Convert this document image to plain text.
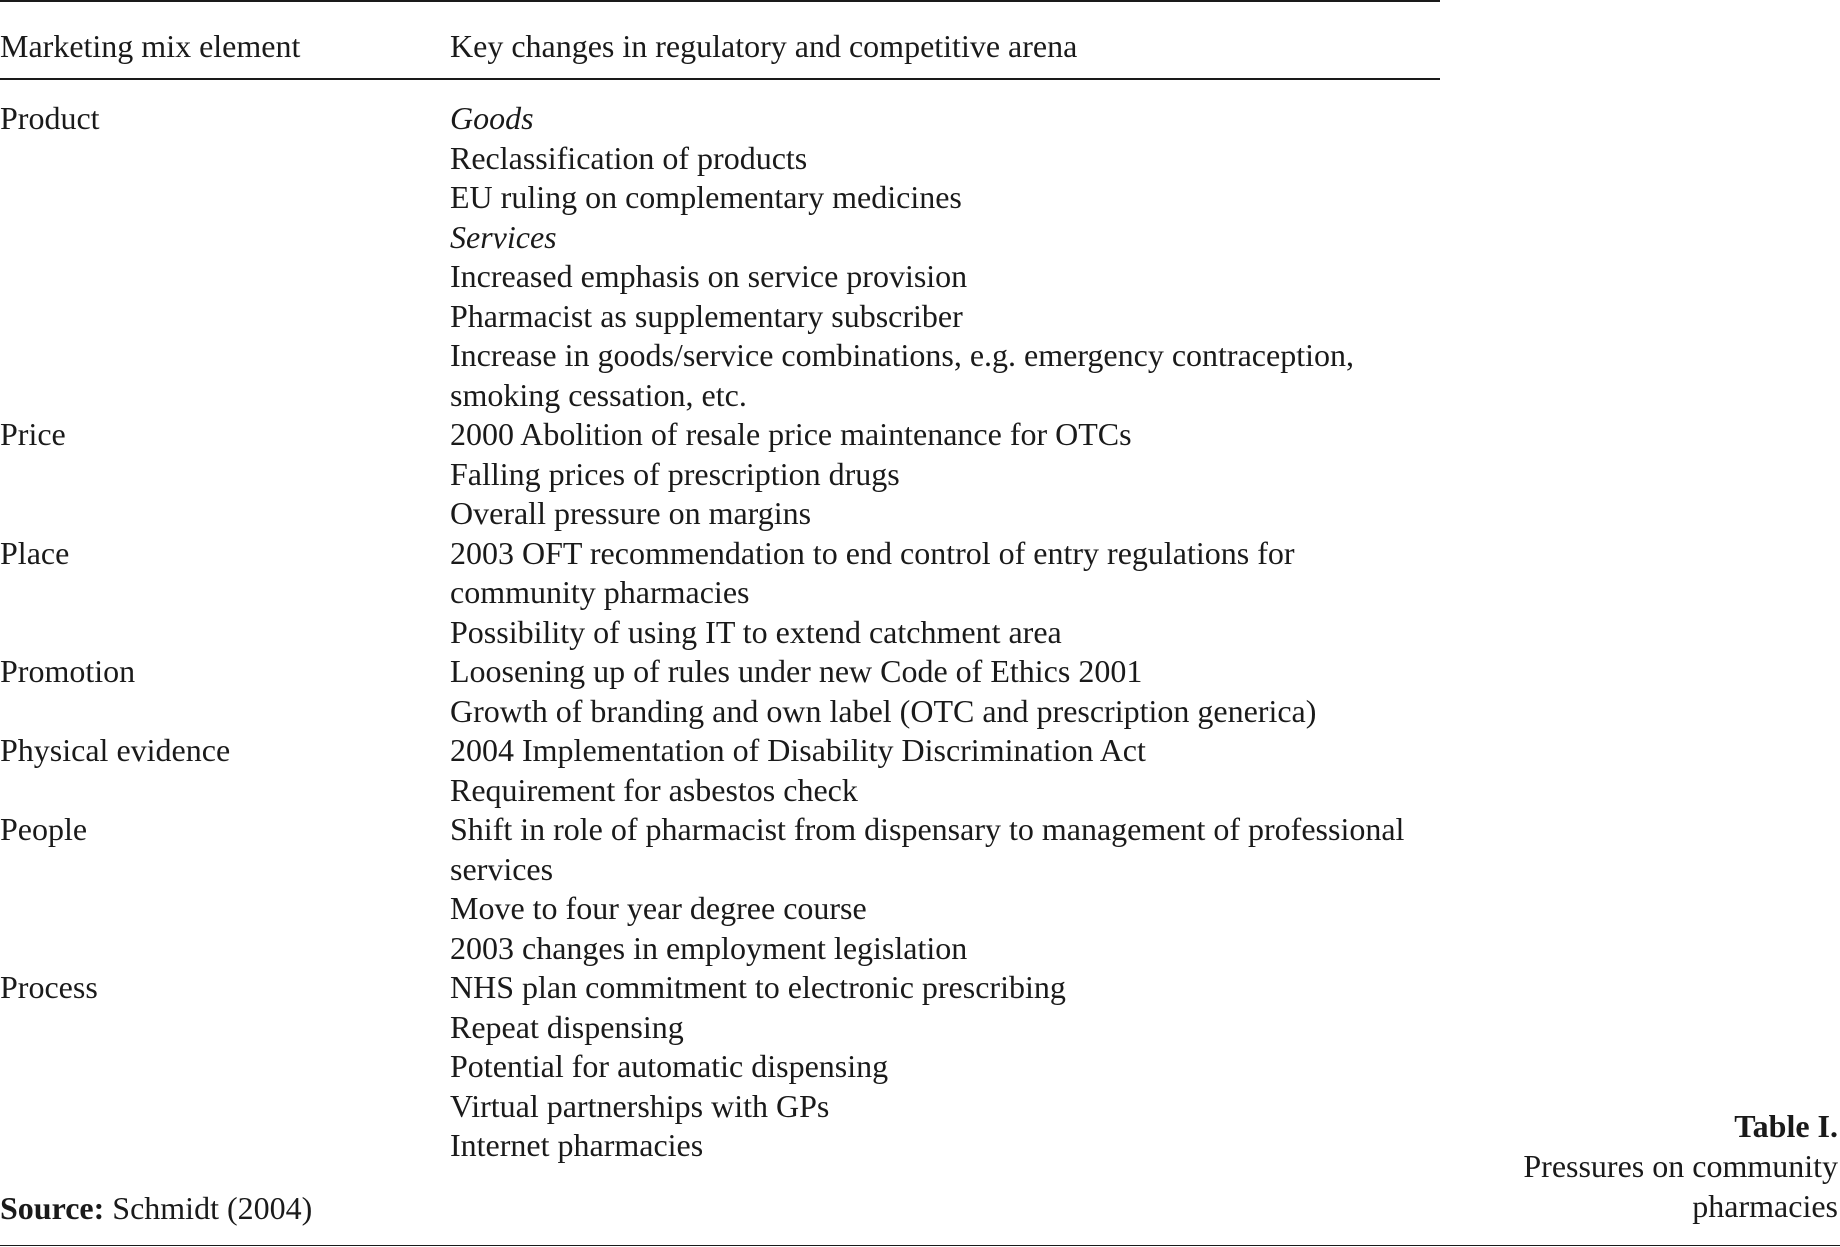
Marketing mix element	Key changes in regulatory and competitive arena
Product	Goods
Reclassification of products
EU ruling on complementary medicines
Services
Increased emphasis on service provision
Pharmacist as supplementary subscriber
Increase in goods/service combinations, e.g. emergency contraception, smoking cessation, etc.
Price	2000 Abolition of resale price maintenance for OTCs
Falling prices of prescription drugs
Overall pressure on margins
Place	2003 OFT recommendation to end control of entry regulations for community pharmacies
Possibility of using IT to extend catchment area
Promotion	Loosening up of rules under new Code of Ethics 2001
Growth of branding and own label (OTC and prescription generica)
Physical evidence	2004 Implementation of Disability Discrimination Act
Requirement for asbestos check
People	Shift in role of pharmacist from dispensary to management of professional services
Move to four year degree course
2003 changes in employment legislation
Process	NHS plan commitment to electronic prescribing
Repeat dispensing
Potential for automatic dispensing
Virtual partnerships with GPs
Internet pharmacies
Source: Schmidt (2004)
Table I.
Pressures on community pharmacies
